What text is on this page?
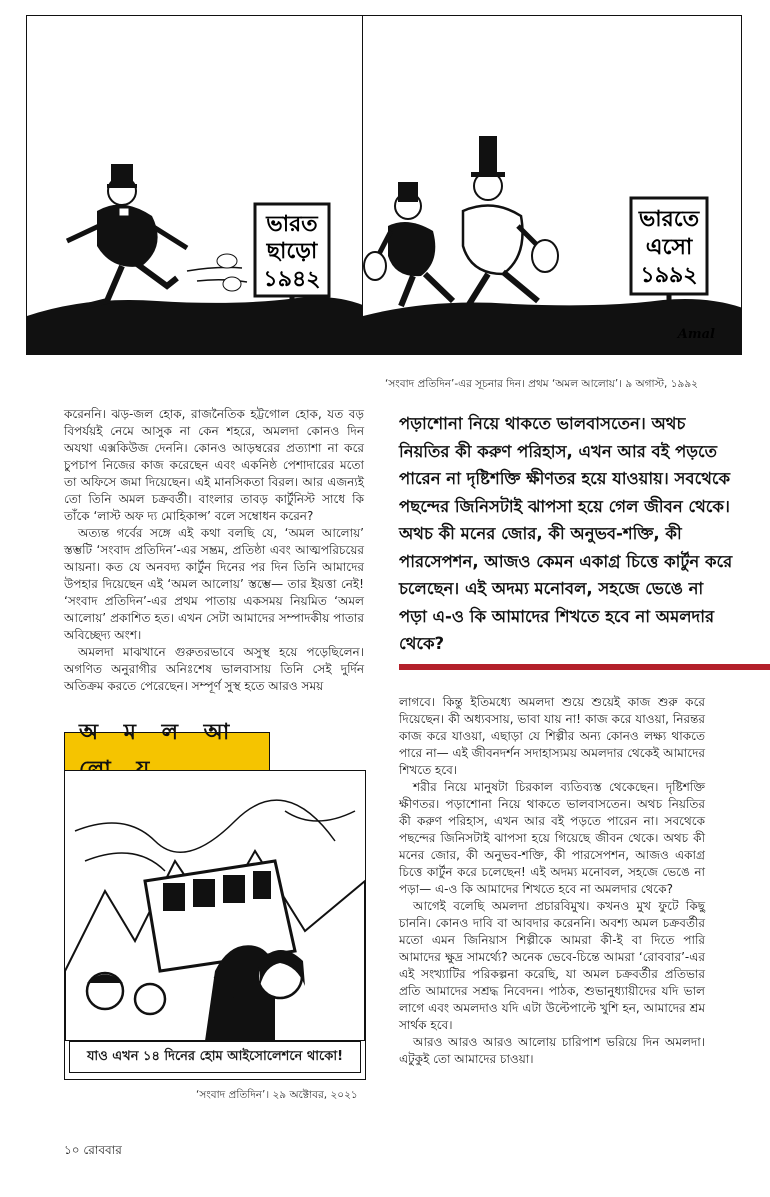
ভারত
ছাড়ো
১৯৪২
ভারতে
এসো
১৯৯২
Amal
‘সংবাদ প্রতিদিন’-এর সূচনার দিন। প্রথম ‘অমল আলোয়’। ৯ অগাস্ট, ১৯৯২

করেননি। ঝড়-জল হোক, রাজনৈতিক হট্টগোল হোক, যত বড় বিপর্যয়ই নেমে আসুক না কেন শহরে, অমলদা কোনও দিন অযথা এক্সকিউজ দেননি। কোনও আড়ম্বরের প্রত্যাশা না করে চুপচাপ নিজের কাজ করেছেন এবং একনিষ্ঠ পেশাদারের মতো তা অফিসে জমা দিয়েছেন। এই মানসিকতা বিরল। আর এজন্যই তো তিনি অমল চক্রবর্তী। বাংলার তাবড় কার্টুনিস্ট সাধে কি তাঁকে ‘লাস্ট অফ দ্য মোহিকান্স’ বলে সম্বোধন করেন?

অত্যন্ত গর্বের সঙ্গে এই কথা বলছি যে, ‘অমল আলোয়’ স্তম্ভটি ‘সংবাদ প্রতিদিন’-এর সম্ভ্রম, প্রতিষ্ঠা এবং আত্মপরিচয়ের আয়না। কত যে অনবদ্য কার্টুন দিনের পর দিন তিনি আমাদের উপহার দিয়েছেন এই ‘অমল আলোয়’ স্তম্ভে— তার ইয়ত্তা নেই! ‘সংবাদ প্রতিদিন’-এর প্রথম পাতায় একসময় নিয়মিত ‘অমল আলোয়’ প্রকাশিত হত। এখন সেটা আমাদের সম্পাদকীয় পাতার অবিচ্ছেদ্য অংশ।

অমলদা মাঝখানে গুরুতরভাবে অসুস্থ হয়ে পড়েছিলেন। অগণিত অনুরাগীর অনিঃশেষ ভালবাসায় তিনি সেই দুর্দিন অতিক্রম করতে পেরেছেন। সম্পূর্ণ সুস্থ হতে আরও সময়

পড়াশোনা নিয়ে থাকতে ভালবাসতেন। অথচ নিয়তির কী করুণ পরিহাস, এখন আর বই পড়তে পারেন না দৃষ্টিশক্তি ক্ষীণতর হয়ে যাওয়ায়। সবথেকে পছন্দের জিনিসটাই ঝাপসা হয়ে গেল জীবন থেকে। অথচ কী মনের জোর, কী অনুভব-শক্তি, কী পারসেপশন, আজও কেমন একাগ্র চিত্তে কার্টুন করে চলেছেন। এই অদম্য মনোবল, সহজে ভেঙে না পড়া এ-ও কি আমাদের শিখতে হবে না অমলদার থেকে?

লাগবে। কিন্তু ইতিমধ্যে অমলদা শুয়ে শুয়েই কাজ শুরু করে দিয়েছেন। কী অধ্যবসায়, ভাবা যায় না! কাজ করে যাওয়া, নিরন্তর কাজ করে যাওয়া, এছাড়া যে শিল্পীর অন্য কোনও লক্ষ্য থাকতে পারে না— এই জীবনদর্শন সদাহাস্যময় অমলদার থেকেই আমাদের শিখতে হবে।

শরীর নিয়ে মানুষটা চিরকাল ব্যতিব্যস্ত থেকেছেন। দৃষ্টিশক্তি ক্ষীণতর। পড়াশোনা নিয়ে থাকতে ভালবাসতেন। অথচ নিয়তির কী করুণ পরিহাস, এখন আর বই পড়তে পারেন না। সবথেকে পছন্দের জিনিসটাই ঝাপসা হয়ে গিয়েছে জীবন থেকে। অথচ কী মনের জোর, কী অনুভব-শক্তি, কী পারসেপশন, আজও একাগ্র চিত্তে কার্টুন করে চলেছেন! এই অদম্য মনোবল, সহজে ভেঙে না পড়া— এ-ও কি আমাদের শিখতে হবে না অমলদার থেকে?

আগেই বলেছি অমলদা প্রচারবিমুখ। কখনও মুখ ফুটে কিছু চাননি। কোনও দাবি বা আবদার করেননি। অবশ্য অমল চক্রবর্তীর মতো এমন জিনিয়াস শিল্পীকে আমরা কী-ই বা দিতে পারি আমাদের ক্ষুদ্র সামর্থ্যে? অনেক ভেবে-চিন্তে আমরা ‘রোববার’-এর এই সংখ্যাটির পরিকল্পনা করেছি, যা অমল চক্রবর্তীর প্রতিভার প্রতি আমাদের সশ্রদ্ধ নিবেদন। পাঠক, শুভানুধ্যায়ীদের যদি ভাল লাগে এবং অমলদাও যদি এটা উল্টেপাল্টে খুশি হন, আমাদের শ্রম সার্থক হবে।

আরও আরও আরও আলোয় চারিপাশ ভরিয়ে দিন অমলদা। এটুকুই তো আমাদের চাওয়া।

অ ম ল আ
যাও এখন ১৪ দিনের হোম আইসোলেশনে থাকো!
‘সংবাদ প্রতিদিন’। ২৯ অক্টোবর, ২০২১
১০ রোববার
